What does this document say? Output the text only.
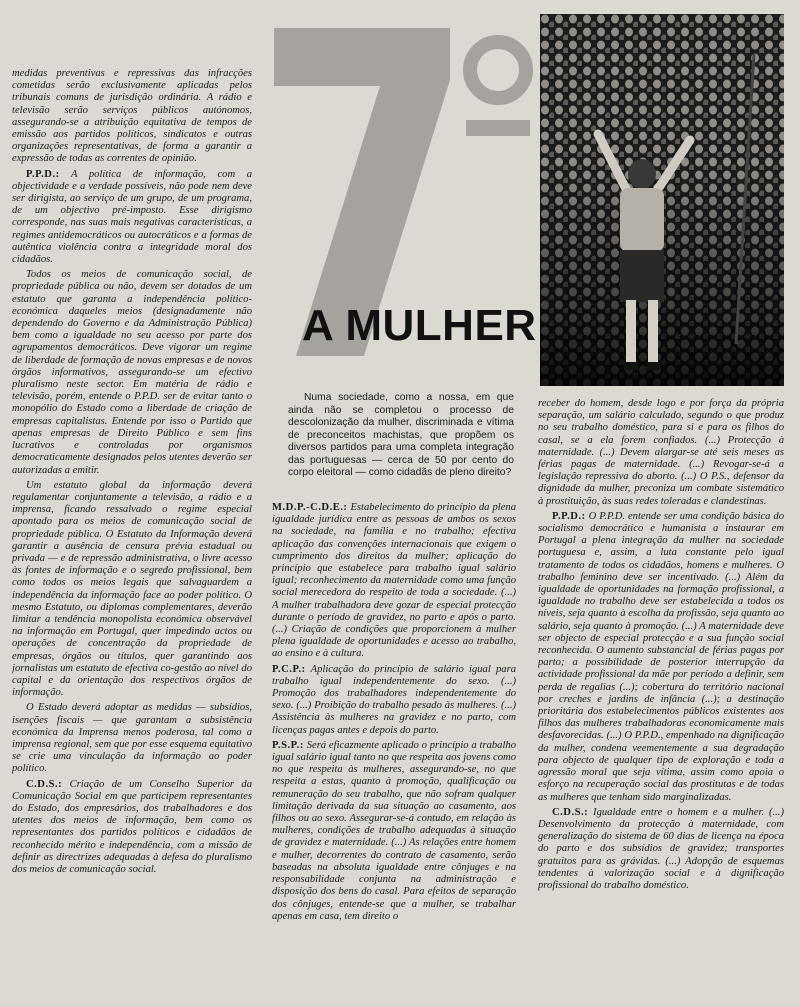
medidas preventivas e repressivas das infracções cometidas serão exclusivamente aplicadas pelos tribunais comuns de jurisdição ordinária. A rádio e televisão serão serviços públicos autónomos, assegurando-se a atribuição equitativa de tempos de emissão aos partidos políticos, sindicatos e outras organizações representativas, de forma a garantir a expressão de todas as correntes de opinião.

P.P.D.: A política de informação, com a objectividade e a verdade possíveis, não pode nem deve ser dirigista, ao serviço de um grupo, de um programa, de um objectivo pré-imposto. Esse dirigismo corresponde, nas suas mais negativas características, a regimes antidemocráticos ou autocráticos e a formas de autêntica violência contra a integridade moral dos cidadãos.

Todos os meios de comunicação social, de propriedade pública ou não, devem ser dotados de um estatuto que garanta a independência político-económica daqueles meios (designadamente não dependendo do Governo e da Administração Pública) bem como a igualdade no seu acesso por parte dos agrupamentos democráticos. Deve vigorar um regime de liberdade de formação de novas empresas e de novos órgãos informativos, assegurando-se um efectivo pluralismo neste sector. Em matéria de rádio e televisão, porém, entende o P.P.D. ser de evitar tanto o monopólio do Estado como a liberdade de criação de empresas capitalistas. Entende por isso o Partido que apenas empresas de Direito Público e sem fins lucrativos e controladas por organismos democraticamente designados pelos utentes deverão ser autorizadas a emitir.

Um estatuto global da informação deverá regulamentar conjuntamente a televisão, a rádio e a imprensa, ficando ressalvado o regime especial apontado para os meios de comunicação social de propriedade pública. O Estatuto da Informação deverá garantir a ausência de censura prévia estadual ou privada — e de repressão administrativa, o livre acesso às fontes de informação e o segredo profissional, bem como todos os meios legais que salvaguardem a independência da informação face ao poder político. O mesmo Estatuto, ou diplomas complementares, deverão limitar a tendência monopolista económica observável na informação em Portugal, quer impedindo actos ou operações de concentração da propriedade de empresas, órgãos ou títulos, quer garantindo aos jornalistas um estatuto de efectiva co-gestão ao nível do capital e da orientação dos respectivos órgãos de informação.

O Estado deverá adoptar as medidas — subsídios, isenções fiscais — que garantam a subsistência económica da Imprensa menos poderosa, tal como a imprensa regional, sem que por esse esquema equitativo se crie uma vinculação da informação ao poder político.

C.D.S.: Criação de um Conselho Superior da Comunicação Social em que participem representantes do Estado, dos empresários, dos trabalhadores e dos utentes dos meios de informação, bem como os representantes dos partidos políticos e cidadãos de reconhecido mérito e independência, com a missão de definir as directrizes adequadas à defesa do pluralismo dos meios de comunicação social.

A MULHER

Numa sociedade, como a nossa, em que ainda não se completou o processo de descolonização da mulher, discriminada e vítima de preconceitos machistas, que propõem os diversos partidos para uma completa integração das portuguesas — cerca de 50 por cento do corpo eleitoral — como cidadãs de pleno direito?

M.D.P.-C.D.E.: Estabelecimento do princípio da plena igualdade jurídica entre as pessoas de ambos os sexos na sociedade, na família e no trabalho; efectiva aplicação das convenções internacionais que exigem o cumprimento dos direitos da mulher; aplicação do princípio que estabelece para trabalho igual salário igual; reconhecimento da maternidade como uma função social merecedora do respeito de toda a sociedade. (...) A mulher trabalhadora deve gozar de especial protecção durante o período de gravidez, no parto e após o parto. (...) Criação de condições que proporcionem à mulher plena igualdade de oportunidades e acesso ao trabalho, ao ensino e à cultura.

P.C.P.: Aplicação do princípio de salário igual para trabalho igual independentemente do sexo. (...) Promoção dos trabalhadores independentemente do sexo. (...) Proibição do trabalho pesado às mulheres. (...) Assistência às mulheres na gravidez e no parto, com licenças pagas antes e depois do parto.

P.S.P.: Será eficazmente aplicado o princípio a trabalho igual salário igual tanto no que respeita aos jovens como no que respeita às mulheres, assegurando-se, no que respeita a estas, quanto à promoção, qualificação ou remuneração do seu trabalho, que não sofram qualquer limitação derivada da sua situação ao casamento, aos filhos ou ao sexo. Assegurar-se-á contudo, em relação às mulheres, condições de trabalho adequadas à situação de gravidez e maternidade. (...) As relações entre homem e mulher, decorrentes do contrato de casamento, serão baseadas na absoluta igualdade entre cônjuges e na responsabilidade conjunta na administração e disposição dos bens do casal. Para efeitos de separação dos cônjuges, entende-se que a mulher, se trabalhar apenas em casa, tem direito o

receber do homem, desde logo e por força da própria separação, um salário calculado, segundo o que produz no seu trabalho doméstico, para si e para os filhos do casal, se a ela forem confiados. (...) Protecção à maternidade. (...) Devem alargar-se até seis meses as férias pagas de maternidade. (...) Revogar-se-á a legislação repressiva do aborto. (...) O P.S., defensor da dignidade da mulher, preconiza um combate sistemático à prostituição, às suas redes toleradas e clandestinas.

P.P.D.: O P.P.D. entende ser uma condição básica do socialismo democrático e humanista a instaurar em Portugal a plena integração da mulher na sociedade portuguesa e, assim, a luta constante pelo igual tratamento de todos os cidadãos, homens e mulheres. O trabalho feminino deve ser incentivado. (...) Além da igualdade de oportunidades na formação profissional, a igualdade no trabalho deve ser estabelecida a todos os níveis, seja quanto à escolha da profissão, seja quanto ao salário, seja quanto à promoção. (...) A maternidade deve ser objecto de especial protecção e a sua função social reconhecida. O aumento substancial de férias pagas por parto; a possibilidade de posterior interrupção da actividade profissional da mãe por período a definir, sem perda de regalias (...); cobertura do território nacional por creches e jardins de infância (...); a destinação prioritária dos estabelecimentos públicos existentes aos filhos das mulheres trabalhadoras economicamente mais desfavorecidas. (...) O P.P.D., empenhado na dignificação da mulher, condena veementemente a sua degradação para objecto de qualquer tipo de exploração e toda a agressão moral que seja vítima, assim como apoia o esforço na recuperação social das prostitutas e de todas as mulheres que tenham sido marginalizadas.

C.D.S.: Igualdade entre o homem e a mulher. (...) Desenvolvimento da protecção à maternidade, com generalização do sistema de 60 dias de licença na época do parto e dos subsídios de gravidez; transportes gratuitos para as grávidas. (...) Adopção de esquemas tendentes à valorização social e à dignificação profissional do trabalho doméstico.
